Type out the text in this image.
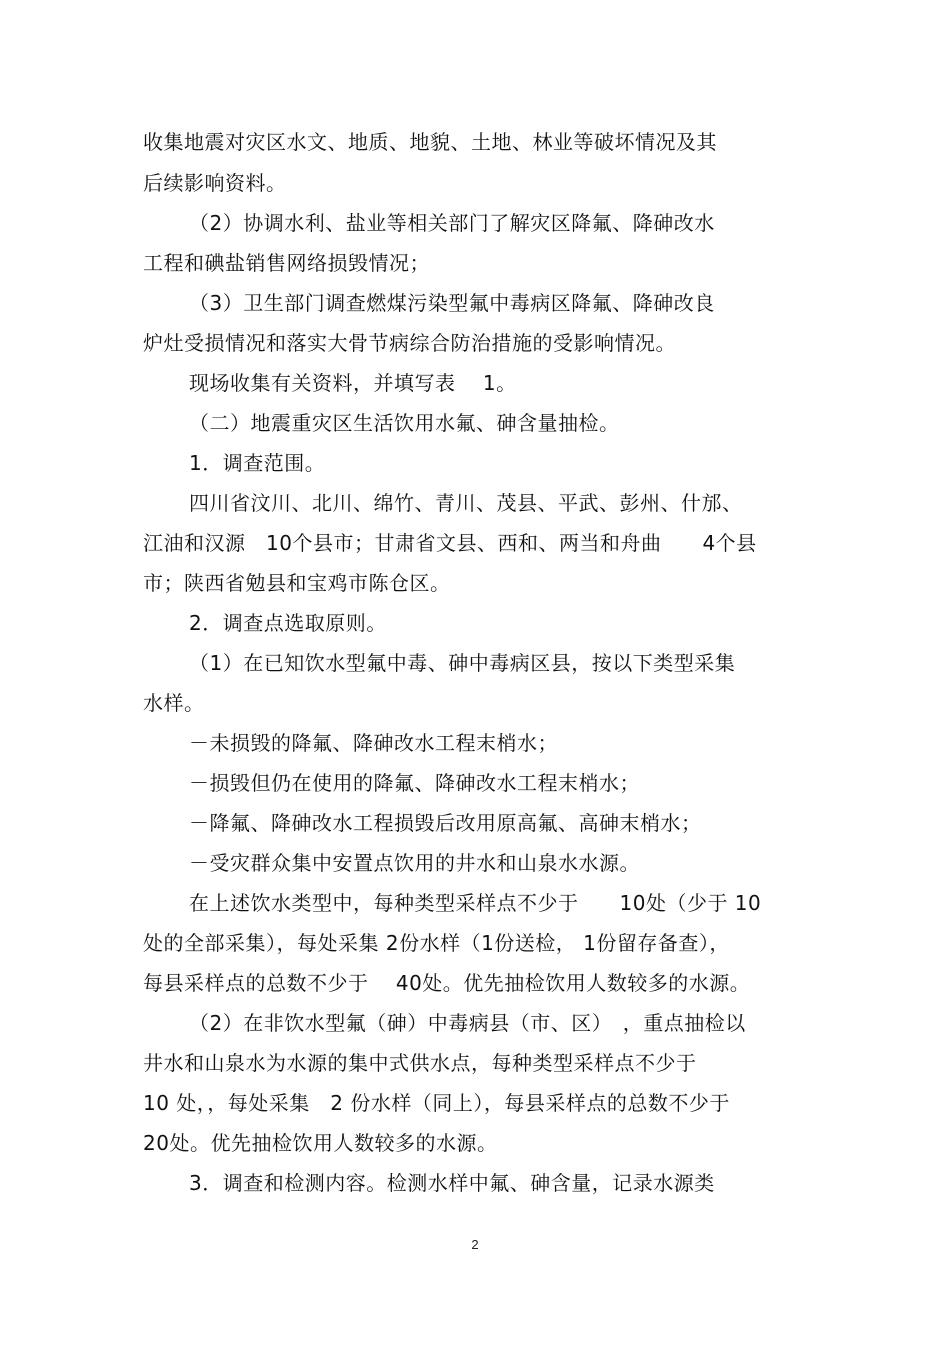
收集地震对灾区水文、地质、地貌、土地、林业等破坏情况及其
后续影响资料。
（2）协调水利、盐业等相关部门了解灾区降氟、降砷改水
工程和碘盐销售网络损毁情况；
（3）卫生部门调查燃煤污染型氟中毒病区降氟、降砷改良
炉灶受损情况和落实大骨节病综合防治措施的受影响情况。
现场收集有关资料，并填写表　 1。
（二）地震重灾区生活饮用水氟、砷含量抽检。
1．调查范围。
四川省汶川、北川、绵竹、青川、茂县、平武、彭州、什邡、
江油和汉源　10个县市；甘肃省文县、西和、两当和舟曲　　4个县
市；陕西省勉县和宝鸡市陈仓区。
2．调查点选取原则。
（1）在已知饮水型氟中毒、砷中毒病区县，按以下类型采集
水样。
－未损毁的降氟、降砷改水工程末梢水；
－损毁但仍在使用的降氟、降砷改水工程末梢水；
－降氟、降砷改水工程损毁后改用原高氟、高砷末梢水；
－受灾群众集中安置点饮用的井水和山泉水水源。
在上述饮水类型中，每种类型采样点不少于　　10处（少于 10
处的全部采集），每处采集 2份水样（1份送检， 1份留存备查），
每县采样点的总数不少于　 40处。优先抽检饮用人数较多的水源。
（2）在非饮水型氟（砷）中毒病县（市、区）　，重点抽检以
井水和山泉水为水源的集中式供水点，每种类型采样点不少于
10 处，，每处采集　2 份水样（同上），每县采样点的总数不少于
20处。优先抽检饮用人数较多的水源。
3．调查和检测内容。检测水样中氟、砷含量，记录水源类
2
